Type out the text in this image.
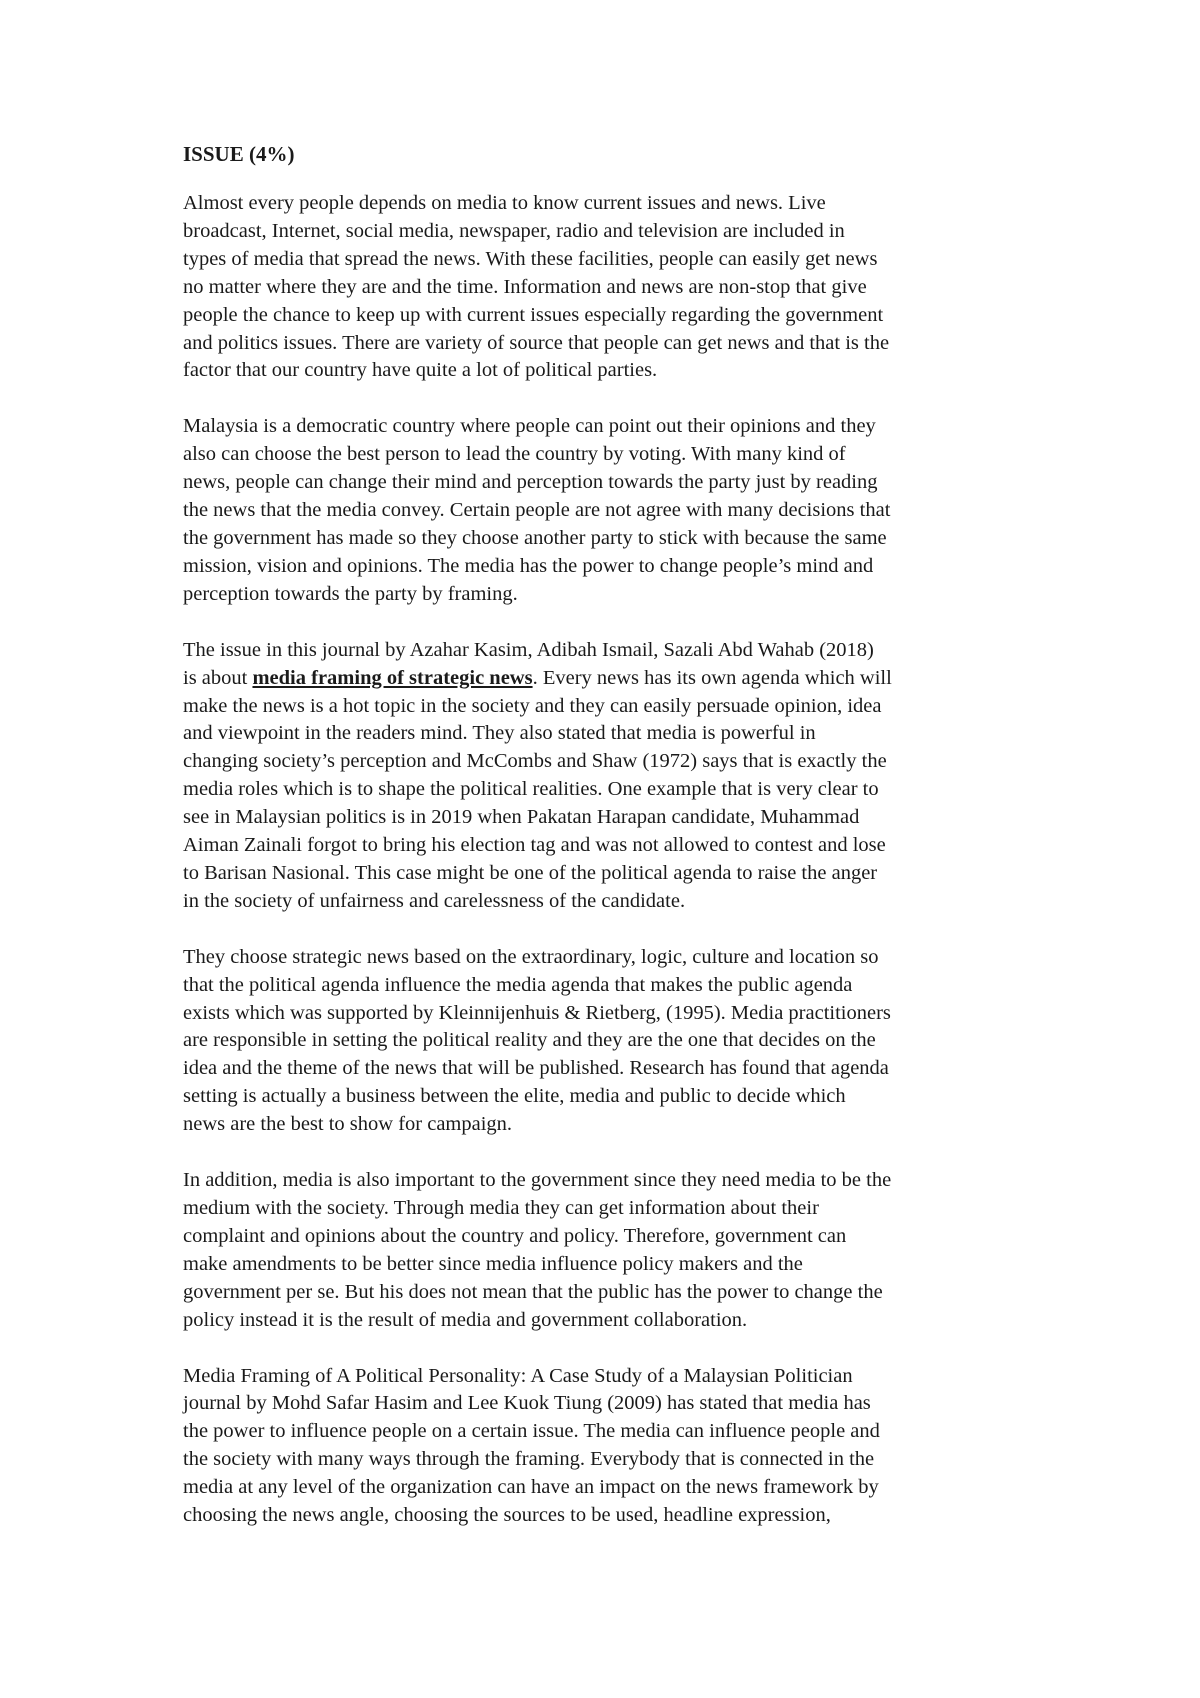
ISSUE (4%)
Almost every people depends on media to know current issues and news. Live
broadcast, Internet, social media, newspaper, radio and television are included in
types of media that spread the news. With these facilities, people can easily get news
no matter where they are and the time. Information and news are non-stop that give
people the chance to keep up with current issues especially regarding the government
and politics issues. There are variety of source that people can get news and that is the
factor that our country have quite a lot of political parties.
Malaysia is a democratic country where people can point out their opinions and they
also can choose the best person to lead the country by voting. With many kind of
news, people can change their mind and perception towards the party just by reading
the news that the media convey. Certain people are not agree with many decisions that
the government has made so they choose another party to stick with because the same
mission, vision and opinions. The media has the power to change people’s mind and
perception towards the party by framing.
The issue in this journal by Azahar Kasim, Adibah Ismail, Sazali Abd Wahab (2018)
is about media framing of strategic news. Every news has its own agenda which will
make the news is a hot topic in the society and they can easily persuade opinion, idea
and viewpoint in the readers mind. They also stated that media is powerful in
changing society’s perception and McCombs and Shaw (1972) says that is exactly the
media roles which is to shape the political realities. One example that is very clear to
see in Malaysian politics is in 2019 when Pakatan Harapan candidate, Muhammad
Aiman Zainali forgot to bring his election tag and was not allowed to contest and lose
to Barisan Nasional. This case might be one of the political agenda to raise the anger
in the society of unfairness and carelessness of the candidate.
They choose strategic news based on the extraordinary, logic, culture and location so
that the political agenda influence the media agenda that makes the public agenda
exists which was supported by Kleinnijenhuis & Rietberg, (1995). Media practitioners
are responsible in setting the political reality and they are the one that decides on the
idea and the theme of the news that will be published. Research has found that agenda
setting is actually a business between the elite, media and public to decide which
news are the best to show for campaign.
In addition, media is also important to the government since they need media to be the
medium with the society. Through media they can get information about their
complaint and opinions about the country and policy. Therefore, government can
make amendments to be better since media influence policy makers and the
government per se. But his does not mean that the public has the power to change the
policy instead it is the result of media and government collaboration.
Media Framing of A Political Personality: A Case Study of a Malaysian Politician
journal by Mohd Safar Hasim and Lee Kuok Tiung (2009) has stated that media has
the power to influence people on a certain issue. The media can influence people and
the society with many ways through the framing. Everybody that is connected in the
media at any level of the organization can have an impact on the news framework by
choosing the news angle, choosing the sources to be used, headline expression,
